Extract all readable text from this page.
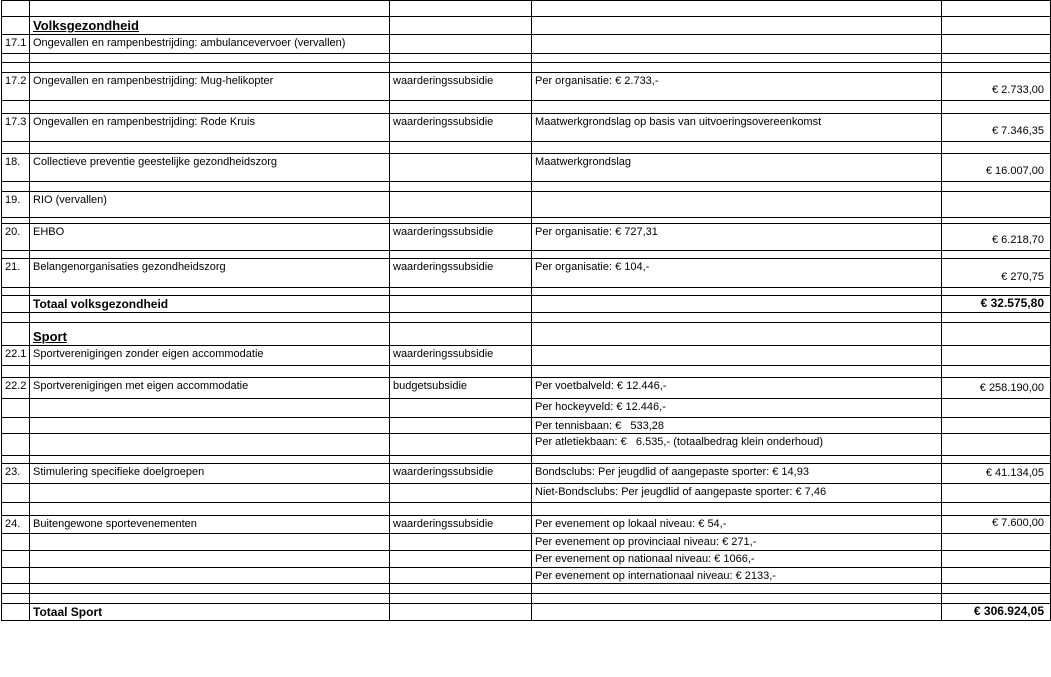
	Volksgezondheid			
17.1	Ongevallen en rampenbestrijding: ambulancevervoer (vervallen)			

17.2	Ongevallen en rampenbestrijding: Mug-helikopter	waarderingssubsidie	Per organisatie: € 2.733,-	€ 2.733,00

17.3	Ongevallen en rampenbestrijding: Rode Kruis	waarderingssubsidie	Maatwerkgrondslag op basis van uitvoeringsovereenkomst	€ 7.346,35

18.	Collectieve preventie geestelijke gezondheidszorg		Maatwerkgrondslag	€ 16.007,00

19.	RIO (vervallen)			

20.	EHBO	waarderingssubsidie	Per organisatie: € 727,31	€ 6.218,70

21.	Belangenorganisaties gezondheidszorg	waarderingssubsidie	Per organisatie: € 104,-	€ 270,75

	Totaal volksgezondheid			€ 32.575,80

	Sport			
22.1	Sportverenigingen zonder eigen accommodatie	waarderingssubsidie		

22.2	Sportverenigingen met eigen accommodatie	budgetsubsidie	Per voetbalveld: € 12.446,-	€ 258.190,00
			Per hockeyveld: € 12.446,-	
			Per tennisbaan: €   533,28	
			Per atletiekbaan: €   6.535,- (totaalbedrag klein onderhoud)	

23.	Stimulering specifieke doelgroepen	waarderingssubsidie	Bondsclubs: Per jeugdlid of aangepaste sporter: € 14,93	€ 41.134,05
			Niet-Bondsclubs: Per jeugdlid of aangepaste sporter: € 7,46	

24.	Buitengewone sportevenementen	waarderingssubsidie	Per evenement op lokaal niveau: € 54,-	€ 7.600,00
			Per evenement op provinciaal niveau: € 271,-	
			Per evenement op nationaal niveau: € 1066,-	
			Per evenement op internationaal niveau: € 2133,-	

	Totaal Sport			€ 306.924,05
